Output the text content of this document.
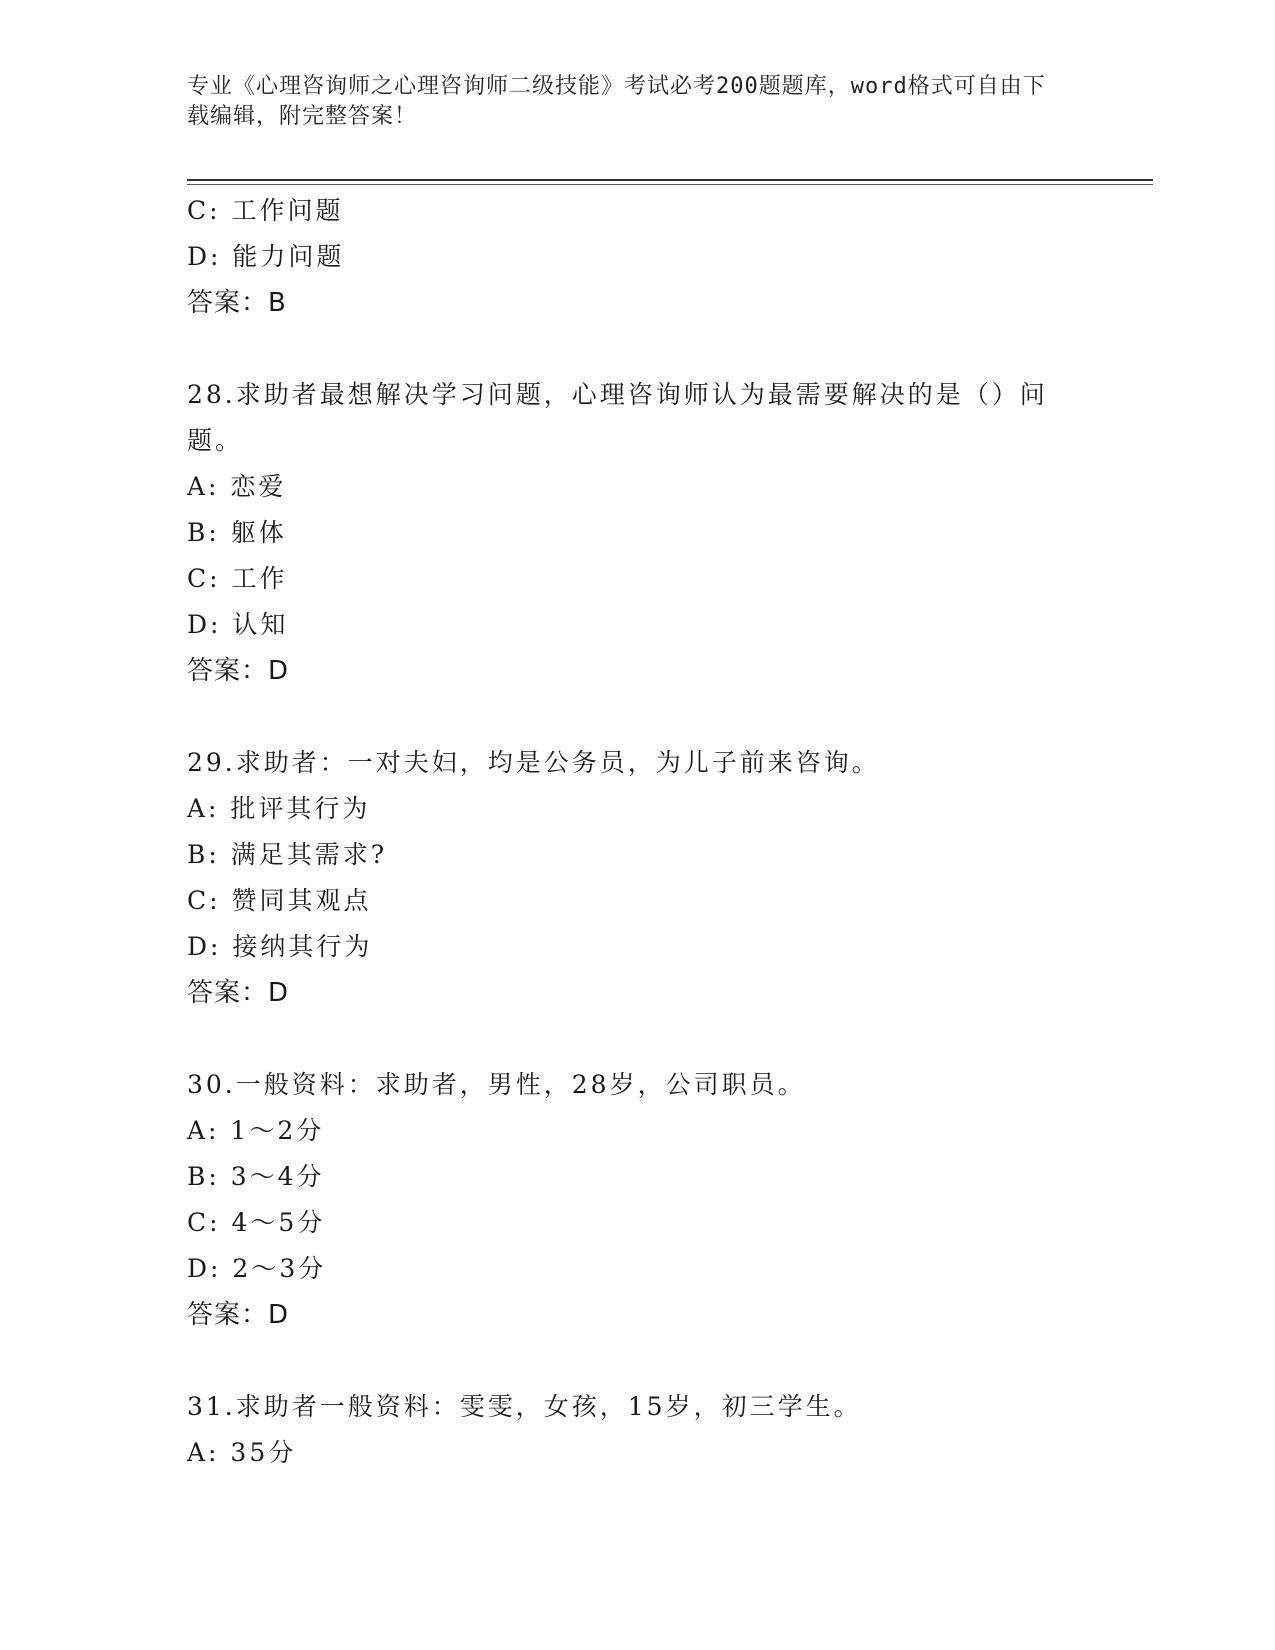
专业《心理咨询师之心理咨询师二级技能》考试必考200题题库，word格式可自由下载编辑，附完整答案！
C: 工作问题
D: 能力问题
答案：B
28.求助者最想解决学习问题，心理咨询师认为最需要解决的是（）问题。
A: 恋爱
B: 躯体
C: 工作
D: 认知
答案：D
29.求助者：一对夫妇，均是公务员，为儿子前来咨询。
A: 批评其行为
B: 满足其需求?
C: 赞同其观点
D: 接纳其行为
答案：D
30.一般资料：求助者，男性，28岁，公司职员。
A: 1～2分
B: 3～4分
C: 4～5分
D: 2～3分
答案：D
31.求助者一般资料：雯雯，女孩，15岁，初三学生。
A: 35分
